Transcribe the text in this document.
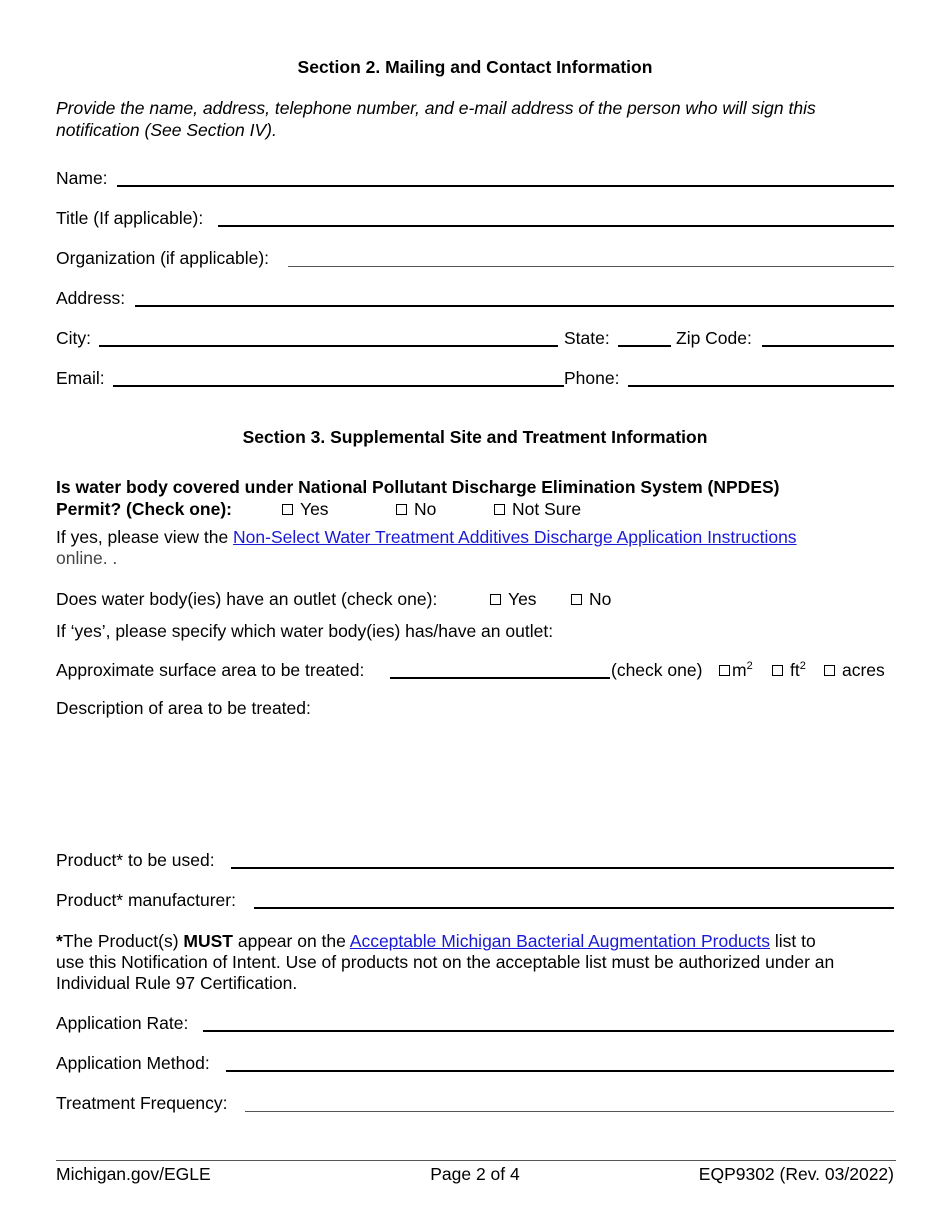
Section 2. Mailing and Contact Information
Provide the name, address, telephone number, and e-mail address of the person who will sign this notification (See Section IV).
Name:
Title (If applicable):
Organization (if applicable):
Address:
City:	State:	Zip Code:
Email:	Phone:
Section 3. Supplemental Site and Treatment Information
Is water body covered under National Pollutant Discharge Elimination System (NPDES)
Permit? (Check one):	Yes	No	Not Sure
If yes, please view the Non-Select Water Treatment Additives Discharge Application Instructions
online. .
Does water body(ies) have an outlet (check one):	Yes	No
If ‘yes’, please specify which water body(ies) has/have an outlet:
Approximate surface area to be treated:	(check one)	$m^2$	$ft^2$	acres
Description of area to be treated:
Product* to be used:
Product* manufacturer:
*The Product(s) MUST appear on the Acceptable Michigan Bacterial Augmentation Products list to
use this Notification of Intent. Use of products not on the acceptable list must be authorized under an
Individual Rule 97 Certification.
Application Rate:
Application Method:
Treatment Frequency:
Michigan.gov/EGLE	Page 2 of 4	EQP9302 (Rev. 03/2022)
